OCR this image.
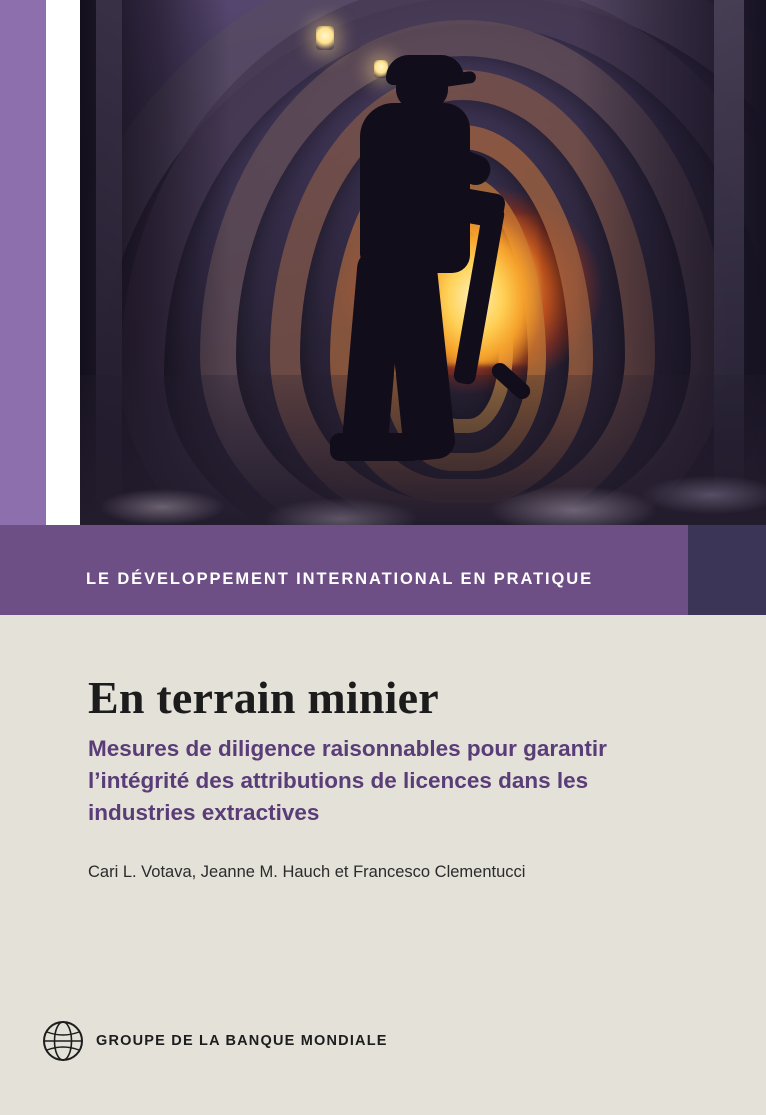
LE DÉVELOPPEMENT INTERNATIONAL EN PRATIQUE
En terrain minier
Mesures de diligence raisonnables pour garantir l’intégrité des attributions de licences dans les industries extractives
Cari L. Votava, Jeanne M. Hauch et Francesco Clementucci
GROUPE DE LA BANQUE MONDIALE
